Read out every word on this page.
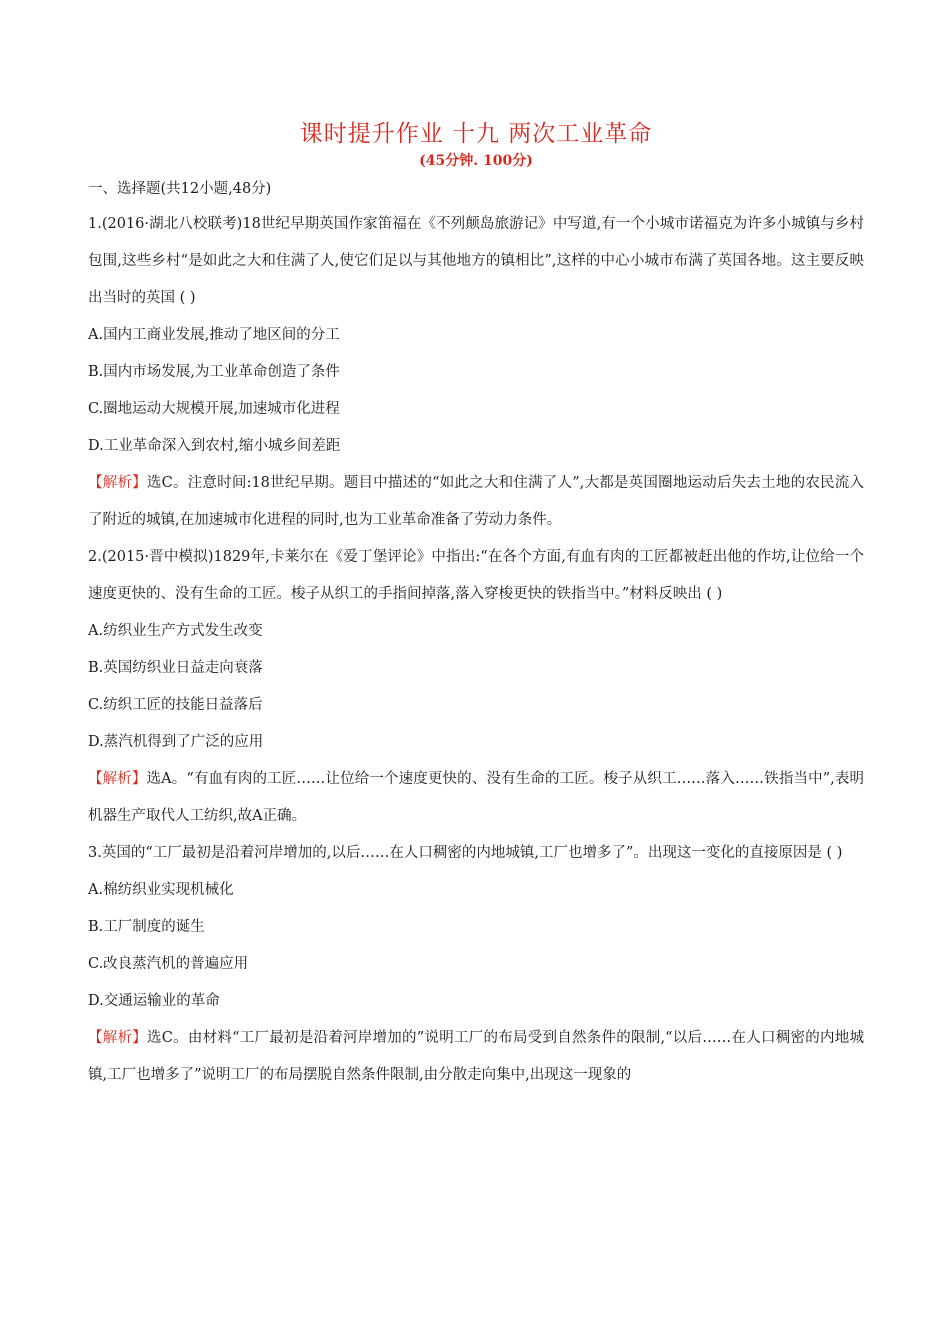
课时提升作业 十九 两次工业革命
(45分钟. 100分)
一、选择题(共12小题,48分)
1.(2016·湖北八校联考)18世纪早期英国作家笛福在《不列颠岛旅游记》中写道,有一个小城市诺福克为许多小城镇与乡村包围,这些乡村“是如此之大和住满了人,使它们足以与其他地方的镇相比”,这样的中心小城市布满了英国各地。这主要反映出当时的英国 ( )
A.国内工商业发展,推动了地区间的分工
B.国内市场发展,为工业革命创造了条件
C.圈地运动大规模开展,加速城市化进程
D.工业革命深入到农村,缩小城乡间差距
【解析】选C。注意时间:18世纪早期。题目中描述的“如此之大和住满了人”,大都是英国圈地运动后失去土地的农民流入了附近的城镇,在加速城市化进程的同时,也为工业革命准备了劳动力条件。
2.(2015·晋中模拟)1829年,卡莱尔在《爱丁堡评论》中指出:“在各个方面,有血有肉的工匠都被赶出他的作坊,让位给一个速度更快的、没有生命的工匠。梭子从织工的手指间掉落,落入穿梭更快的铁指当中。”材料反映出 ( )
A.纺织业生产方式发生改变
B.英国纺织业日益走向衰落
C.纺织工匠的技能日益落后
D.蒸汽机得到了广泛的应用
【解析】选A。“有血有肉的工匠……让位给一个速度更快的、没有生命的工匠。梭子从织工……落入……铁指当中”,表明机器生产取代人工纺织,故A正确。
3.英国的“工厂最初是沿着河岸增加的,以后……在人口稠密的内地城镇,工厂也增多了”。出现这一变化的直接原因是 ( )
A.棉纺织业实现机械化
B.工厂制度的诞生
C.改良蒸汽机的普遍应用
D.交通运输业的革命
【解析】选C。由材料“工厂最初是沿着河岸增加的”说明工厂的布局受到自然条件的限制,“以后……在人口稠密的内地城镇,工厂也增多了”说明工厂的布局摆脱自然条件限制,由分散走向集中,出现这一现象的
